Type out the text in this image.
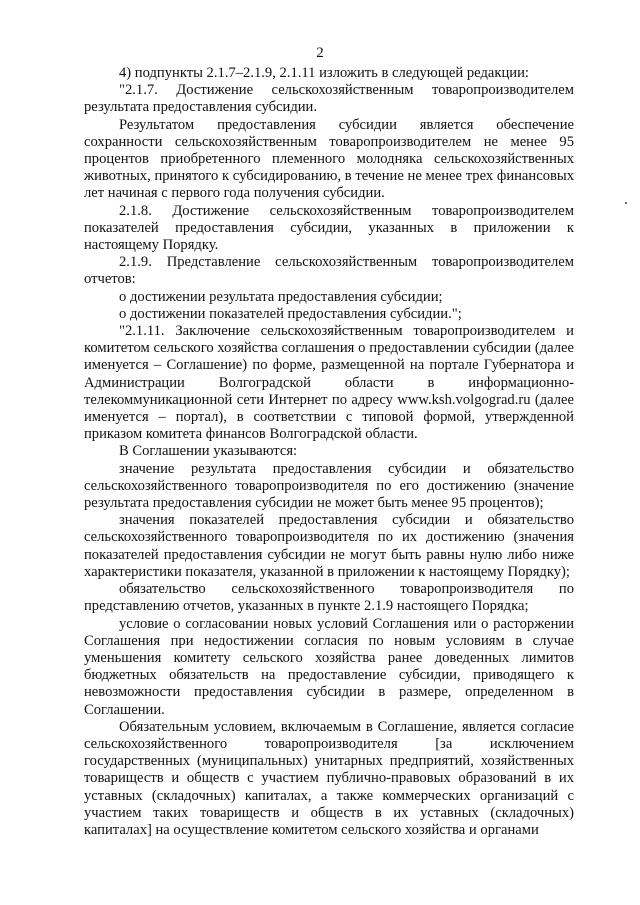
2

4) подпункты 2.1.7–2.1.9, 2.1.11 изложить в следующей редакции:

"2.1.7. Достижение сельскохозяйственным товаропроизводителем результата предоставления субсидии.

Результатом предоставления субсидии является обеспечение сохранности сельскохозяйственным товаропроизводителем не менее 95 процентов приобретенного племенного молодняка сельскохозяйственных животных, принятого к субсидированию, в течение не менее трех финансовых лет начиная с первого года получения субсидии.

2.1.8. Достижение сельскохозяйственным товаропроизводителем показателей предоставления субсидии, указанных в приложении к настоящему Порядку.

2.1.9. Представление сельскохозяйственным товаропроизводителем отчетов:

о достижении результата предоставления субсидии;

о достижении показателей предоставления субсидии.";

"2.1.11. Заключение сельскохозяйственным товаропроизводителем и комитетом сельского хозяйства соглашения о предоставлении субсидии (далее именуется – Соглашение) по форме, размещенной на портале Губернатора и Администрации Волгоградской области в информационно-телекоммуникационной сети Интернет по адресу www.ksh.volgograd.ru (далее именуется – портал), в соответствии с типовой формой, утвержденной приказом комитета финансов Волгоградской области.

В Соглашении указываются:

значение результата предоставления субсидии и обязательство сельскохозяйственного товаропроизводителя по его достижению (значение результата предоставления субсидии не может быть менее 95 процентов);

значения показателей предоставления субсидии и обязательство сельскохозяйственного товаропроизводителя по их достижению (значения показателей предоставления субсидии не могут быть равны нулю либо ниже характеристики показателя, указанной в приложении к настоящему Порядку);

обязательство сельскохозяйственного товаропроизводителя по представлению отчетов, указанных в пункте 2.1.9 настоящего Порядка;

условие о согласовании новых условий Соглашения или о расторжении Соглашения при недостижении согласия по новым условиям в случае уменьшения комитету сельского хозяйства ранее доведенных лимитов бюджетных обязательств на предоставление субсидии, приводящего к невозможности предоставления субсидии в размере, определенном в Соглашении.

Обязательным условием, включаемым в Соглашение, является согласие сельскохозяйственного товаропроизводителя [за исключением государственных (муниципальных) унитарных предприятий, хозяйственных товариществ и обществ с участием публично-правовых образований в их уставных (складочных) капиталах, а также коммерческих организаций с участием таких товариществ и обществ в их уставных (складочных) капиталах] на осуществление комитетом сельского хозяйства и органами
